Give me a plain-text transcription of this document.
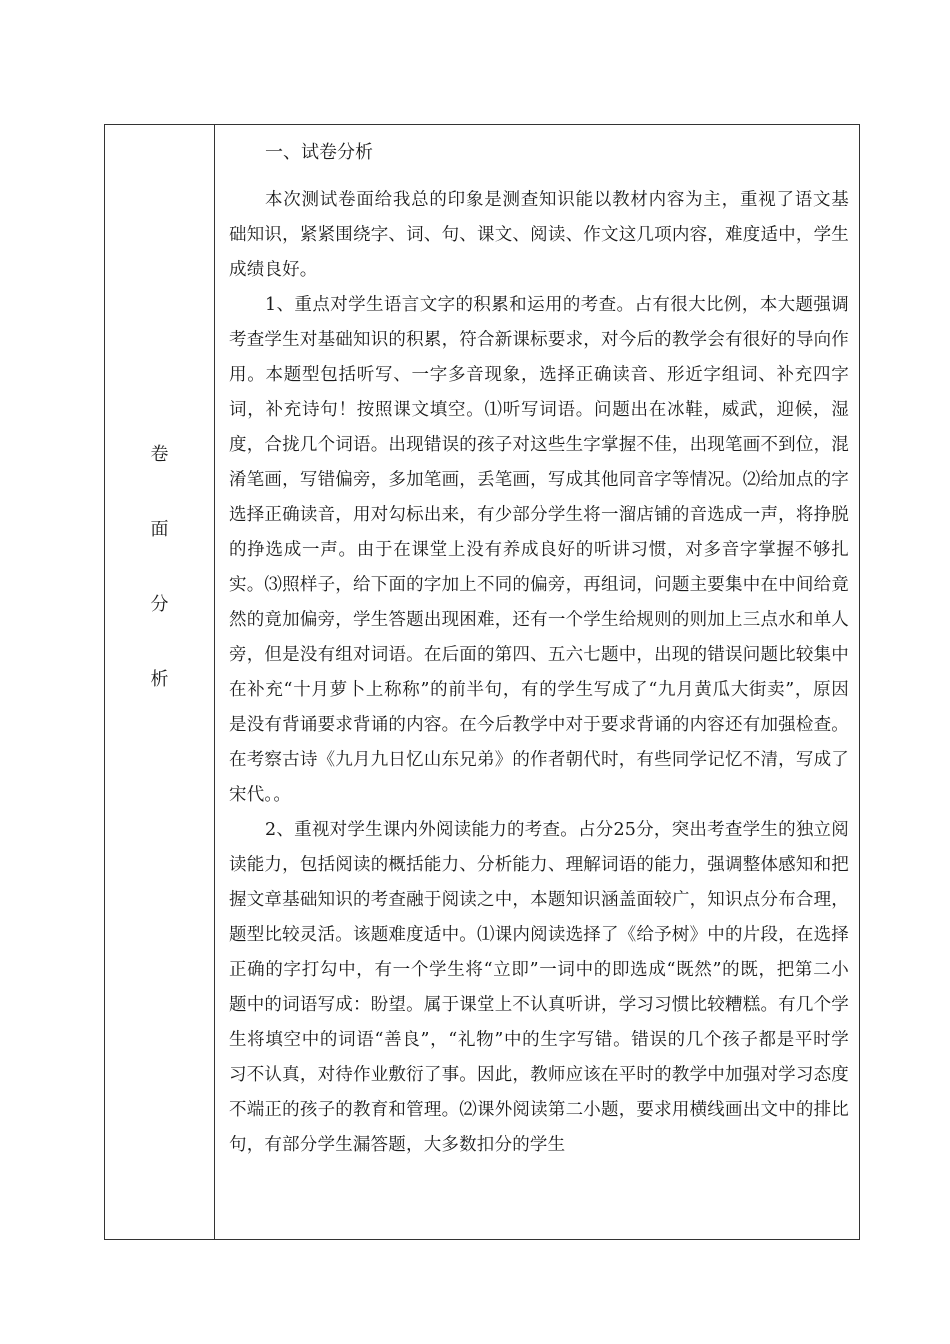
卷
面
分
析

一、试卷分析

本次测试卷面给我总的印象是测查知识能以教材内容为主，重视了语文基础知识，紧紧围绕字、词、句、课文、阅读、作文这几项内容，难度适中，学生成绩良好。

1、重点对学生语言文字的积累和运用的考查。占有很大比例，本大题强调考查学生对基础知识的积累，符合新课标要求，对今后的教学会有很好的导向作用。本题型包括听写、一字多音现象，选择正确读音、形近字组词、补充四字词，补充诗句！按照课文填空。⑴听写词语。问题出在冰鞋，威武，迎候，湿度，合拢几个词语。出现错误的孩子对这些生字掌握不佳，出现笔画不到位，混淆笔画，写错偏旁，多加笔画，丢笔画，写成其他同音字等情况。⑵给加点的字选择正确读音，用对勾标出来，有少部分学生将一溜店铺的音选成一声，将挣脱的挣选成一声。由于在课堂上没有养成良好的听讲习惯，对多音字掌握不够扎实。⑶照样子，给下面的字加上不同的偏旁，再组词，问题主要集中在中间给竟然的竟加偏旁，学生答题出现困难，还有一个学生给规则的则加上三点水和单人旁，但是没有组对词语。在后面的第四、五六七题中，出现的错误问题比较集中在补充“十月萝卜上称称”的前半句，有的学生写成了“九月黄瓜大街卖”，原因是没有背诵要求背诵的内容。在今后教学中对于要求背诵的内容还有加强检查。在考察古诗《九月九日忆山东兄弟》的作者朝代时，有些同学记忆不清，写成了宋代。。

2、重视对学生课内外阅读能力的考查。占分25分，突出考查学生的独立阅读能力，包括阅读的概括能力、分析能力、理解词语的能力，强调整体感知和把握文章基础知识的考查融于阅读之中，本题知识涵盖面较广，知识点分布合理，题型比较灵活。该题难度适中。⑴课内阅读选择了《给予树》中的片段，在选择正确的字打勾中，有一个学生将“立即”一词中的即选成“既然”的既，把第二小题中的词语写成：盼望。属于课堂上不认真听讲，学习习惯比较糟糕。有几个学生将填空中的词语“善良”，“礼物”中的生字写错。错误的几个孩子都是平时学习不认真，对待作业敷衍了事。因此，教师应该在平时的教学中加强对学习态度不端正的孩子的教育和管理。⑵课外阅读第二小题，要求用横线画出文中的排比句，有部分学生漏答题，大多数扣分的学生
